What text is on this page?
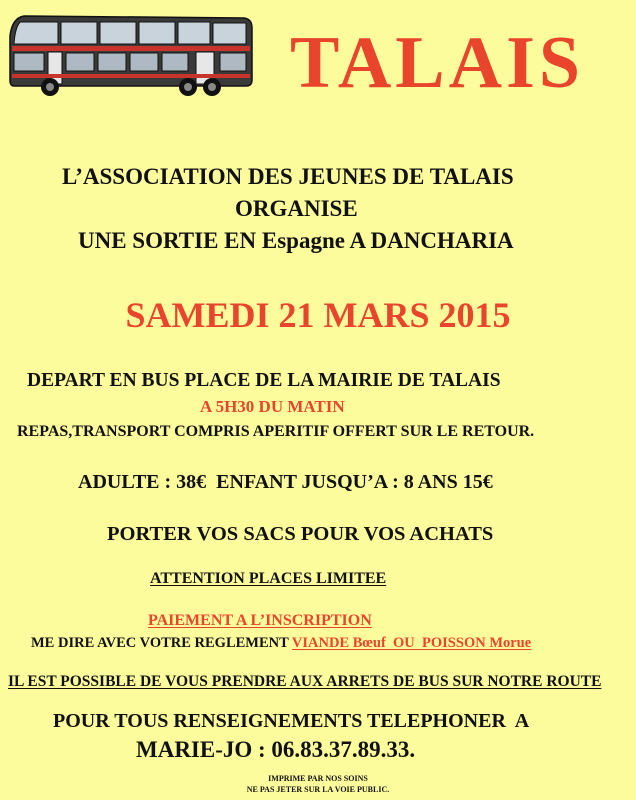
TALAIS
L’ASSOCIATION DES JEUNES DE TALAIS
ORGANISE
UNE SORTIE EN Espagne A DANCHARIA
SAMEDI 21 MARS 2015
DEPART EN BUS PLACE DE LA MAIRIE DE TALAIS
A 5H30 DU MATIN
REPAS,TRANSPORT COMPRIS APERITIF OFFERT SUR LE RETOUR.
ADULTE : 38€  ENFANT JUSQU’A : 8 ANS 15€
PORTER VOS SACS POUR VOS ACHATS
ATTENTION PLACES LIMITEE
PAIEMENT A L’INSCRIPTION
ME DIRE AVEC VOTRE REGLEMENT VIANDE Bœuf  OU  POISSON Morue
IL EST POSSIBLE DE VOUS PRENDRE AUX ARRETS DE BUS SUR NOTRE ROUTE
POUR TOUS RENSEIGNEMENTS TELEPHONER  A
MARIE-JO : 06.83.37.89.33.
IMPRIME PAR NOS SOINS
NE PAS JETER SUR LA VOIE PUBLIC.
